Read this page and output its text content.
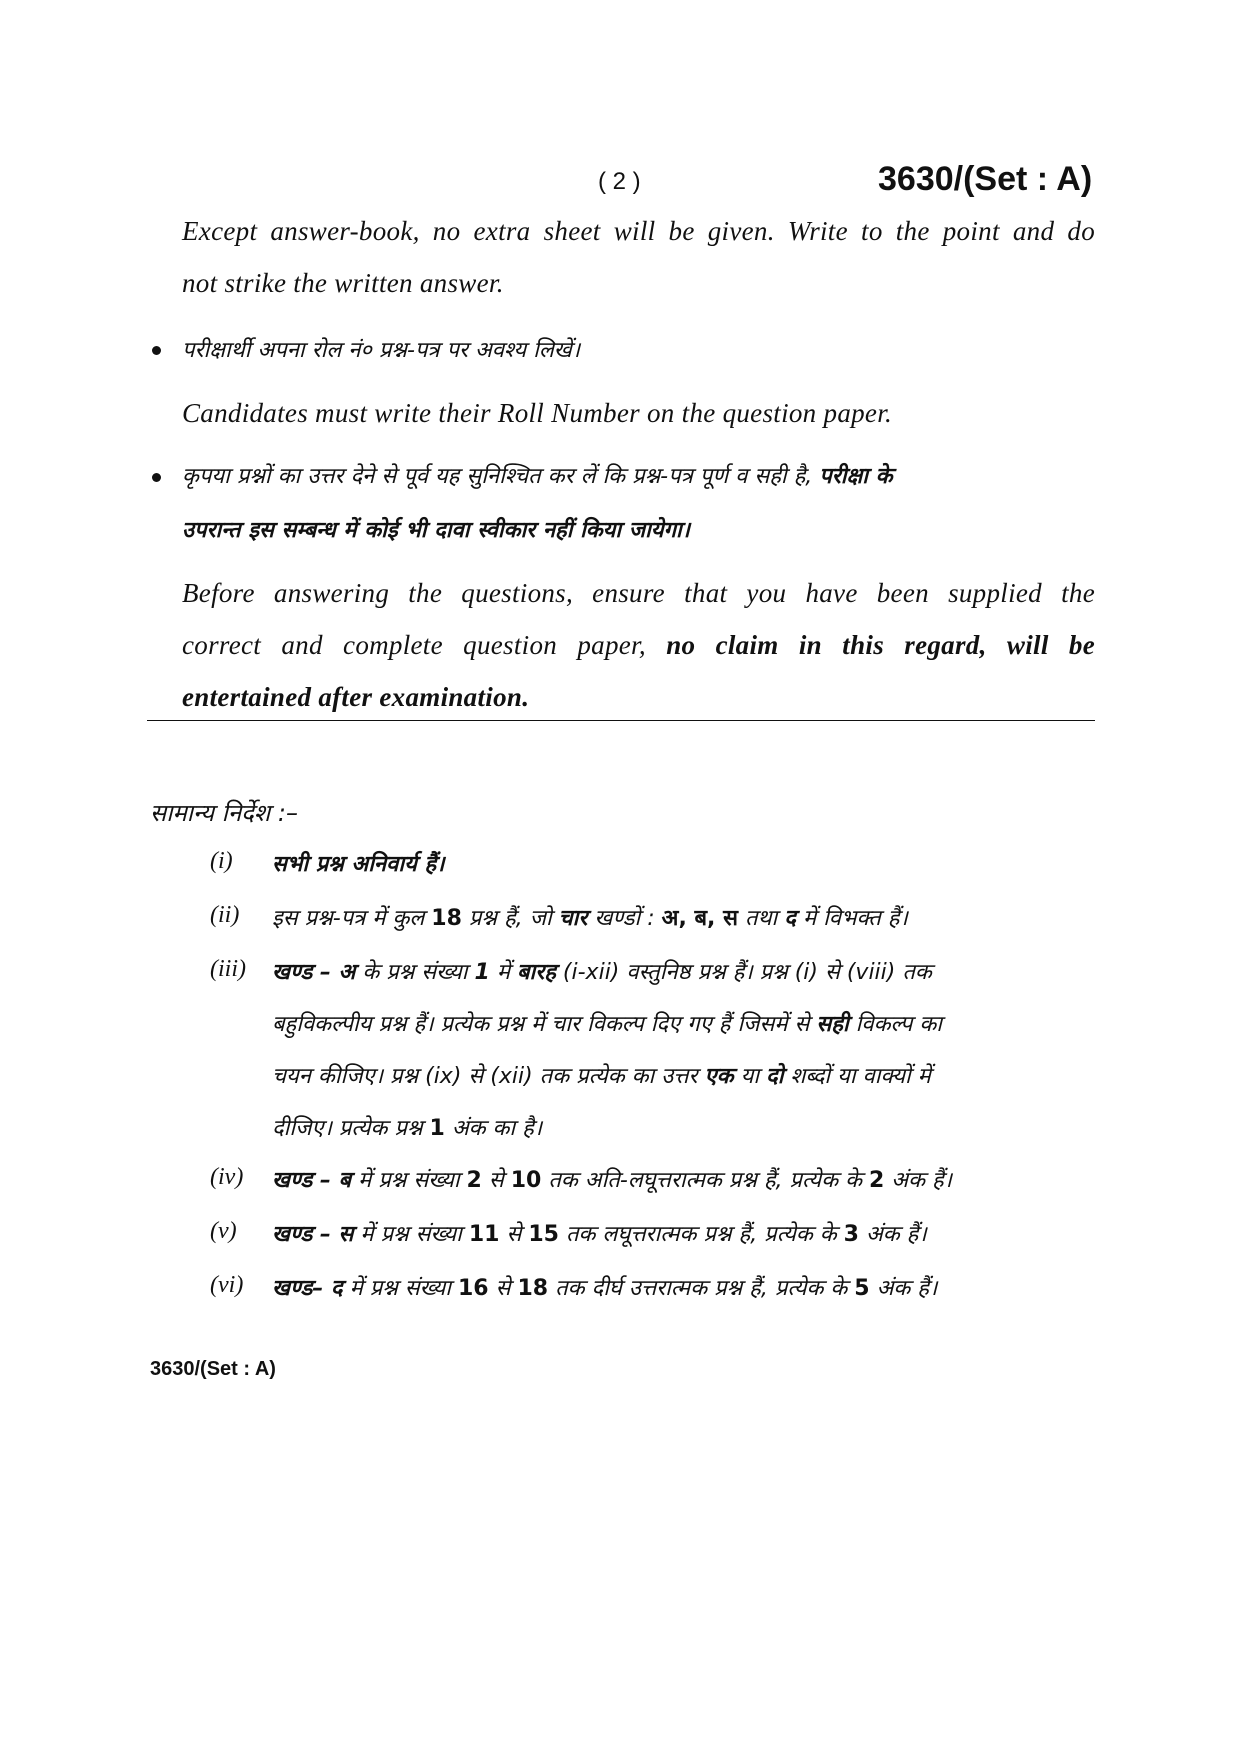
( 2 )	3630/(Set : A)
Except answer-book, no extra sheet will be given. Write to the point and do
not strike the written answer.
परीक्षार्थी अपना रोल नं० प्रश्न-पत्र पर अवश्य लिखें।
Candidates must write their Roll Number on the question paper.
कृपया प्रश्नों का उत्तर देने से पूर्व यह सुनिश्चित कर लें कि प्रश्न-पत्र पूर्ण व सही है, परीक्षा के
उपरान्त इस सम्बन्ध में कोई भी दावा स्वीकार नहीं किया जायेगा।
Before answering the questions, ensure that you have been supplied the
correct and complete question paper, no claim in this regard, will be
entertained after examination.
सामान्य निर्देश :–
(i) सभी प्रश्न अनिवार्य हैं।
(ii) इस प्रश्न-पत्र में कुल 18 प्रश्न हैं, जो चार खण्डों : अ, ब, स तथा द में विभक्त हैं।
(iii) खण्ड – अ के प्रश्न संख्या 1 में बारह (i-xii) वस्तुनिष्ठ प्रश्न हैं। प्रश्न (i) से (viii) तक
बहुविकल्पीय प्रश्न हैं। प्रत्येक प्रश्न में चार विकल्प दिए गए हैं जिसमें से सही विकल्प का
चयन कीजिए। प्रश्न (ix) से (xii) तक प्रत्येक का उत्तर एक या दो शब्दों या वाक्यों में
दीजिए। प्रत्येक प्रश्न 1 अंक का है।
(iv) खण्ड – ब में प्रश्न संख्या 2 से 10 तक अति-लघूत्तरात्मक प्रश्न हैं, प्रत्येक के 2 अंक हैं।
(v) खण्ड – स में प्रश्न संख्या 11 से 15 तक लघूत्तरात्मक प्रश्न हैं, प्रत्येक के 3 अंक हैं।
(vi) खण्ड– द में प्रश्न संख्या 16 से 18 तक दीर्घ उत्तरात्मक प्रश्न हैं, प्रत्येक के 5 अंक हैं।
3630/(Set : A)
